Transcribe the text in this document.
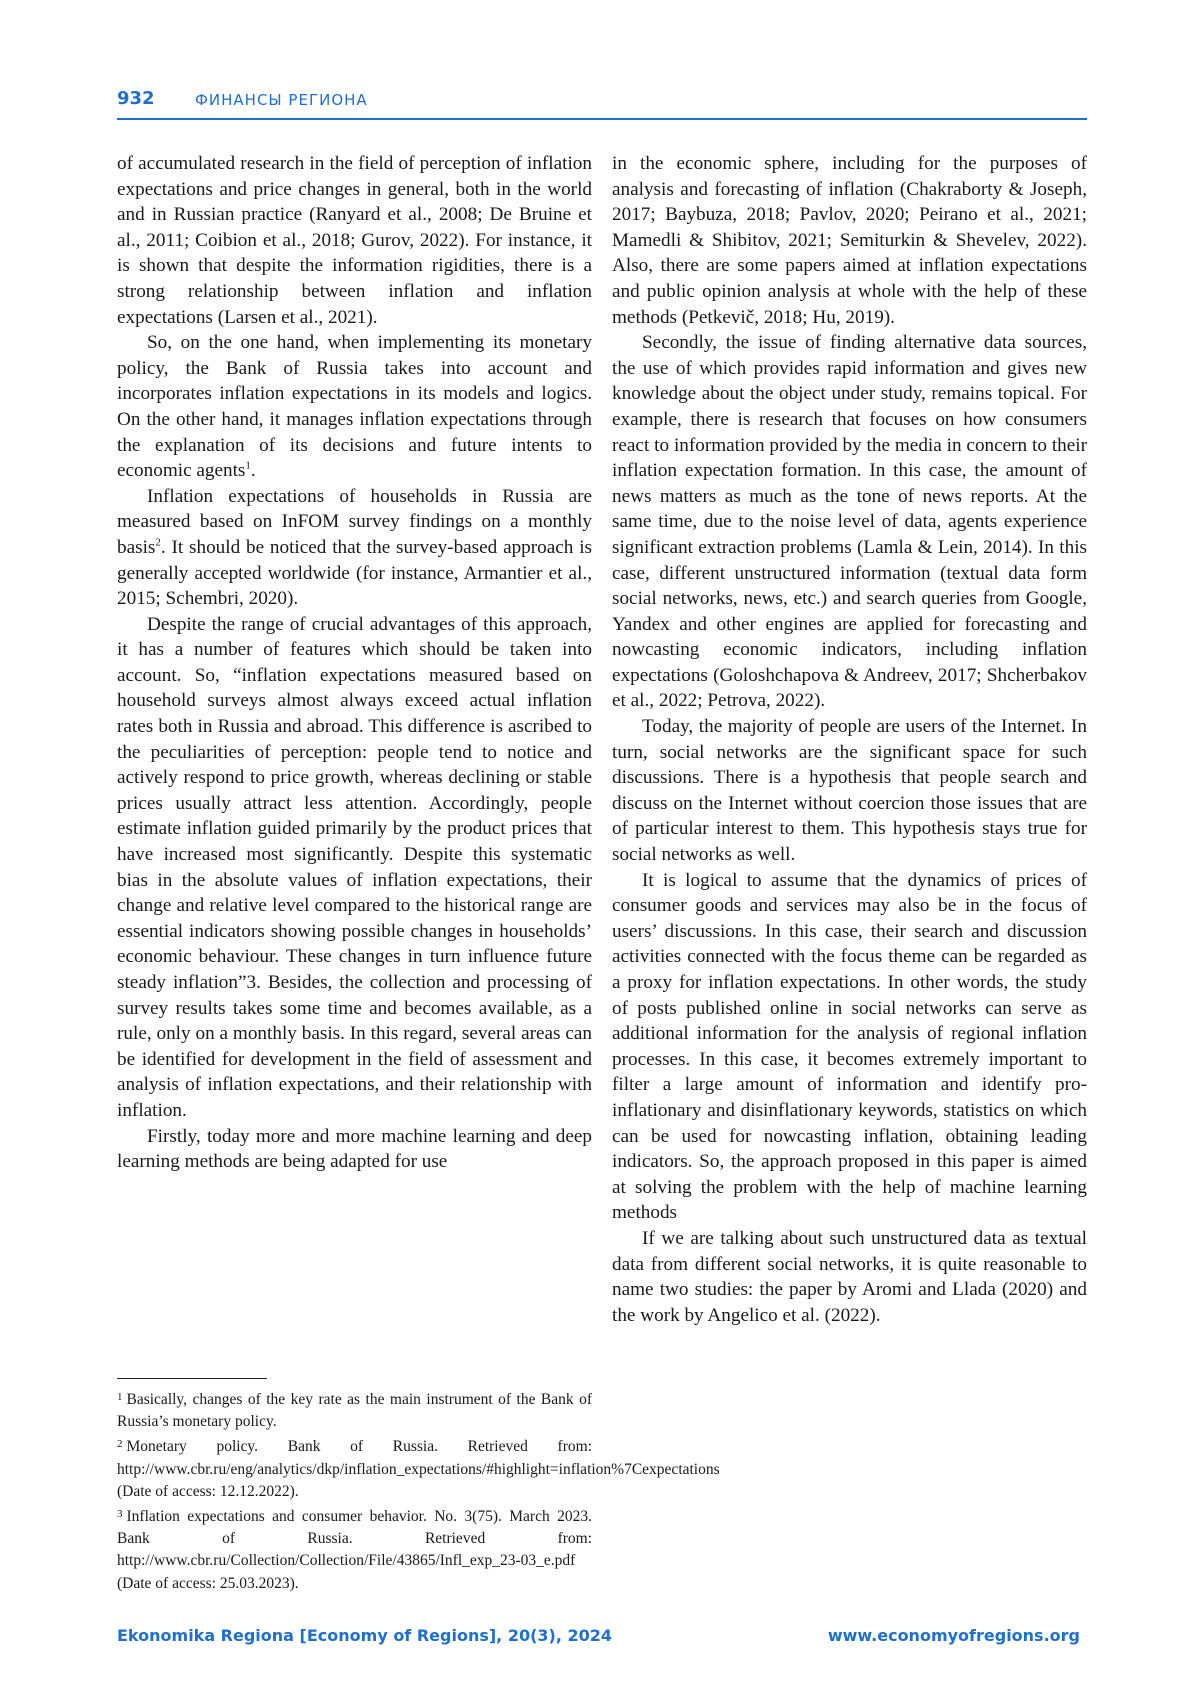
932	ФИНАНСЫ РЕГИОНА

of accumulated research in the field of perception of inflation expectations and price changes in general, both in the world and in Russian practice (Ranyard et al., 2008; De Bruine et al., 2011; Coibion et al., 2018; Gurov, 2022). For instance, it is shown that despite the information rigidities, there is a strong relationship between inflation and inflation expectations (Larsen et al., 2021).

So, on the one hand, when implementing its monetary policy, the Bank of Russia takes into account and incorporates inflation expectations in its models and logics. On the other hand, it manages inflation expectations through the explanation of its decisions and future intents to economic agents$^1$.

Inflation expectations of households in Russia are measured based on InFOM survey findings on a monthly basis$^2$. It should be noticed that the survey-based approach is generally accepted worldwide (for instance, Armantier et al., 2015; Schembri, 2020).

Despite the range of crucial advantages of this approach, it has a number of features which should be taken into account. So, “inflation expectations measured based on household surveys almost always exceed actual inflation rates both in Russia and abroad. This difference is ascribed to the peculiarities of perception: people tend to notice and actively respond to price growth, whereas declining or stable prices usually attract less attention. Accordingly, people estimate inflation guided primarily by the product prices that have increased most significantly. Despite this systematic bias in the absolute values of inflation expectations, their change and relative level compared to the historical range are essential indicators showing possible changes in households’ economic behaviour. These changes in turn influence future steady inflation”3. Besides, the collection and processing of survey results takes some time and becomes available, as a rule, only on a monthly basis. In this regard, several areas can be identified for development in the field of assessment and analysis of inflation expectations, and their relationship with inflation.

Firstly, today more and more machine learning and deep learning methods are being adapted for use

$^1$ Basically, changes of the key rate as the main instrument of the Bank of Russia’s monetary policy.

$^2$ Monetary policy. Bank of Russia. Retrieved from: http://www.cbr.ru/eng/analytics/dkp/inflation_expectations/#highlight=inflation%7Cexpectations (Date of access: 12.12.2022).

$^3$ Inflation expectations and consumer behavior. No. 3(75). March 2023. Bank of Russia. Retrieved from: http://www.cbr.ru/Collection/Collection/File/43865/Infl_exp_23-03_e.pdf (Date of access: 25.03.2023).

in the economic sphere, including for the purposes of analysis and forecasting of inflation (Chakraborty & Joseph, 2017; Baybuza, 2018; Pavlov, 2020; Peirano et al., 2021; Mamedli & Shibitov, 2021; Semiturkin & Shevelev, 2022). Also, there are some papers aimed at inflation expectations and public opinion analysis at whole with the help of these methods (Petkevič, 2018; Hu, 2019).

Secondly, the issue of finding alternative data sources, the use of which provides rapid information and gives new knowledge about the object under study, remains topical. For example, there is research that focuses on how consumers react to information provided by the media in concern to their inflation expectation formation. In this case, the amount of news matters as much as the tone of news reports. At the same time, due to the noise level of data, agents experience significant extraction problems (Lamla & Lein, 2014). In this case, different unstructured information (textual data form social networks, news, etc.) and search queries from Google, Yandex and other engines are applied for forecasting and nowcasting economic indicators, including inflation expectations (Goloshchapova & Andreev, 2017; Shcherbakov et al., 2022; Petrova, 2022).

Today, the majority of people are users of the Internet. In turn, social networks are the significant space for such discussions. There is a hypothesis that people search and discuss on the Internet without coercion those issues that are of particular interest to them. This hypothesis stays true for social networks as well.

It is logical to assume that the dynamics of prices of consumer goods and services may also be in the focus of users’ discussions. In this case, their search and discussion activities connected with the focus theme can be regarded as a proxy for inflation expectations. In other words, the study of posts published online in social networks can serve as additional information for the analysis of regional inflation processes. In this case, it becomes extremely important to filter a large amount of information and identify pro-inflationary and disinflationary keywords, statistics on which can be used for nowcasting inflation, obtaining leading indicators. So, the approach proposed in this paper is aimed at solving the problem with the help of machine learning methods

If we are talking about such unstructured data as textual data from different social networks, it is quite reasonable to name two studies: the paper by Aromi and Llada (2020) and the work by Angelico et al. (2022).

Ekonomika Regiona [Economy of Regions], 20(3), 2024	www.economyofregions.org
